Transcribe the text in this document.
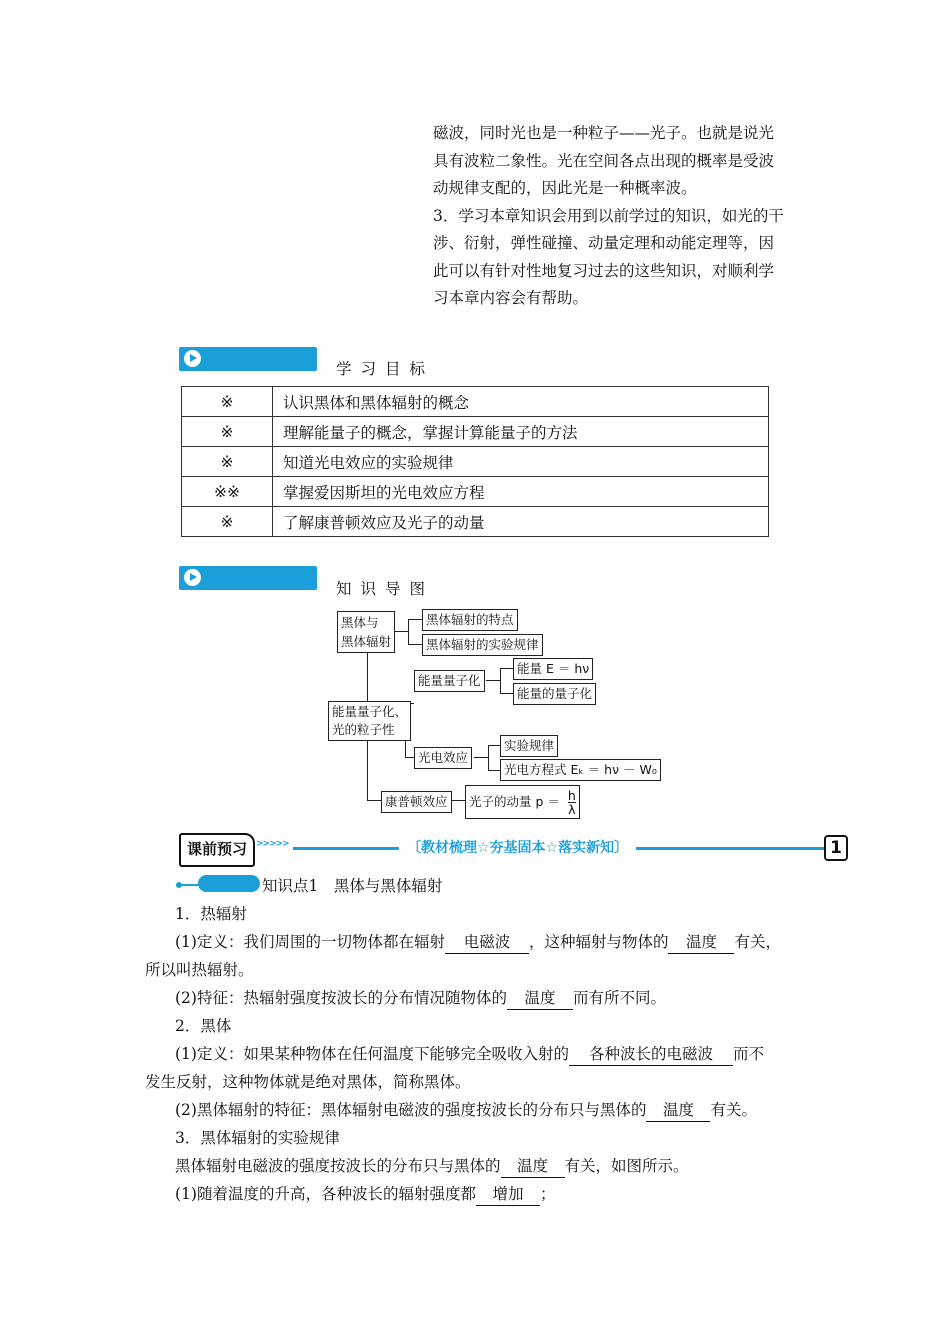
磁波，同时光也是一种粒子——光子。也就是说光

具有波粒二象性。光在空间各点出现的概率是受波

动规律支配的，因此光是一种概率波。

3．学习本章知识会用到以前学过的知识，如光的干

涉、衍射，弹性碰撞、动量定理和动能定理等，因

此可以有针对性地复习过去的这些知识，对顺利学

习本章内容会有帮助。

学习目标
※	认识黑体和黑体辐射的概念
※	理解能量子的概念，掌握计算能量子的方法
※	知道光电效应的实验规律
※※	掌握爱因斯坦的光电效应方程
※	了解康普顿效应及光子的动量
知识导图
黑体与
黑体辐射
黑体辐射的特点
黑体辐射的实验规律
能量量子化
能量 E ＝ hν
能量的量子化
能量量子化、
光的粒子性
光电效应
实验规律
光电方程式 Eₖ ＝ hν － W₀
康普顿效应	光子的动量 $p = \frac{h}{\lambda}$
课前预习	>>>>>	〔教材梳理☆夯基固本☆落实新知〕	1
知识点1　黑体与黑体辐射
1．热辐射
(1)定义：我们周围的一切物体都在辐射 电磁波 ，这种辐射与物体的 温度 有关，
所以叫热辐射。
(2)特征：热辐射强度按波长的分布情况随物体的 温度 而有所不同。
2．黑体
(1)定义：如果某种物体在任何温度下能够完全吸收入射的 各种波长的电磁波 而不
发生反射，这种物体就是绝对黑体，简称黑体。
(2)黑体辐射的特征：黑体辐射电磁波的强度按波长的分布只与黑体的 温度 有关。
3．黑体辐射的实验规律
黑体辐射电磁波的强度按波长的分布只与黑体的 温度 有关，如图所示。
(1)随着温度的升高，各种波长的辐射强度都 增加 ；
